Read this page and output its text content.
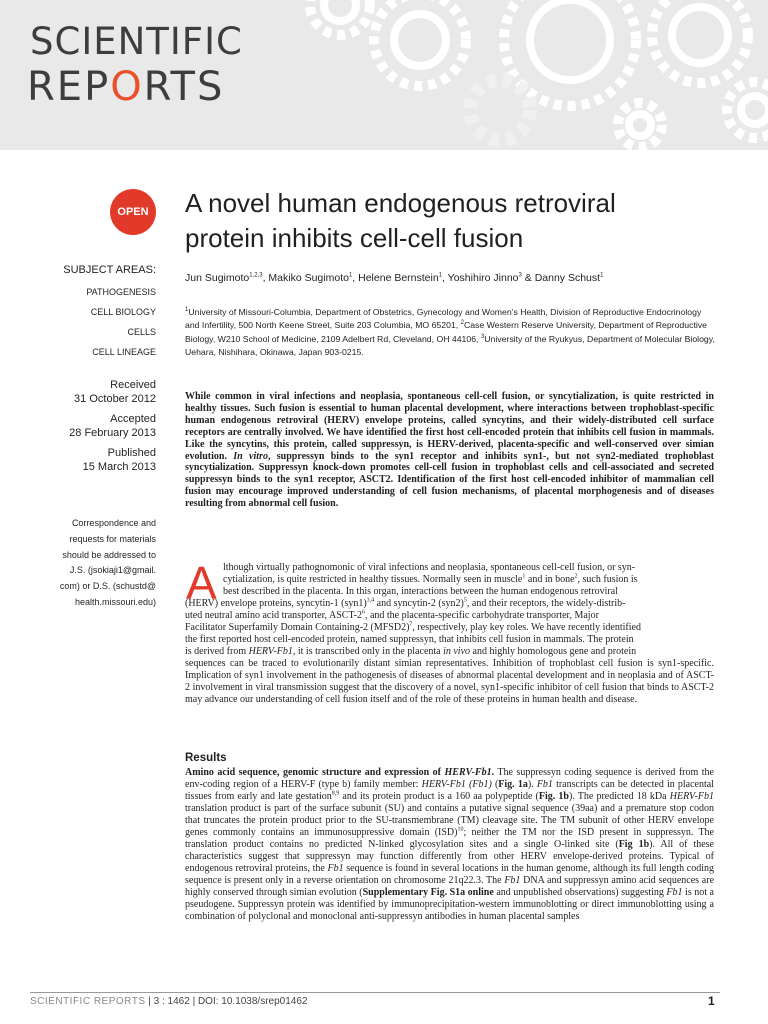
SCIENTIFIC
REPORTS
OPEN
SUBJECT AREAS:
PATHOGENESIS
CELL BIOLOGY
CELLS
CELL LINEAGE
Received
31 October 2012
Accepted
28 February 2013
Published
15 March 2013
Correspondence and
requests for materials
should be addressed to
J.S. (jsokiaji1@gmail.
com) or D.S. (schustd@
health.missouri.edu)
A novel human endogenous retroviral
protein inhibits cell-cell fusion
Jun Sugimoto$^{1,2,3}$, Makiko Sugimoto$^1$, Helene Bernstein$^1$, Yoshihiro Jinno$^3$ & Danny Schust$^1$
$^1$University of Missouri-Columbia, Department of Obstetrics, Gynecology and Women’s Health, Division of Reproductive Endocrinology and Infertility, 500 North Keene Street, Suite 203 Columbia, MO 65201, $^2$Case Western Reserve University, Department of Reproductive Biology, W210 School of Medicine, 2109 Adelbert Rd, Cleveland, OH 44106, $^3$University of the Ryukyus, Department of Molecular Biology, Uehara, Nishihara, Okinawa, Japan 903-0215.
While common in viral infections and neoplasia, spontaneous cell-cell fusion, or syncytialization, is quite restricted in healthy tissues. Such fusion is essential to human placental development, where interactions between trophoblast-specific human endogenous retroviral (HERV) envelope proteins, called syncytins, and their widely-distributed cell surface receptors are centrally involved. We have identified the first host cell-encoded protein that inhibits cell fusion in mammals. Like the syncytins, this protein, called suppressyn, is HERV-derived, placenta-specific and well-conserved over simian evolution. In vitro, suppressyn binds to the syn1 receptor and inhibits syn1-, but not syn2-mediated trophoblast syncytialization. Suppressyn knock-down promotes cell-cell fusion in trophoblast cells and cell-associated and secreted suppressyn binds to the syn1 receptor, ASCT2. Identification of the first host cell-encoded inhibitor of mammalian cell fusion may encourage improved understanding of cell fusion mechanisms, of placental morphogenesis and of diseases resulting from abnormal cell fusion.
A lthough virtually pathognomonic of viral infections and neoplasia, spontaneous cell-cell fusion, or syn-
cytialization, is quite restricted in healthy tissues. Normally seen in muscle$^1$ and in bone$^2$, such fusion is
best described in the placenta. In this organ, interactions between the human endogenous retroviral
(HERV) envelope proteins, syncytin-1 $(syn1)^{3,4}$ and syncytin-2 $(syn2)^5$, and their receptors, the widely-distrib-
uted neutral amino acid transporter, ASCT-$2^6$, and the placenta-specific carbohydrate transporter, Major
Facilitator Superfamily Domain Containing-2 (MFSD2)$^7$, respectively, play key roles. We have recently identified
the first reported host cell-encoded protein, named suppressyn, that inhibits cell fusion in mammals. The protein
is derived from HERV-Fb1, it is transcribed only in the placenta in vivo and highly homologous gene and protein
sequences can be traced to evolutionarily distant simian representatives. Inhibition of trophoblast cell fusion is syn1-specific. Implication of syn1 involvement in the pathogenesis of diseases of abnormal placental development and in neoplasia and of ASCT-2 involvement in viral transmission suggest that the discovery of a novel, syn1-specific inhibitor of cell fusion that binds to ASCT-2 may advance our understanding of cell fusion itself and of the role of these proteins in human health and disease.
Results
Amino acid sequence, genomic structure and expression of HERV-Fb1. The suppressyn coding sequence is derived from the env-coding region of a HERV-F (type b) family member: HERV-Fb1 (Fb1) (Fig. 1a). Fb1 transcripts can be detected in placental tissues from early and late gestation$^{8,9}$ and its protein product is a 160 aa polypeptide (Fig. 1b). The predicted 18 kDa HERV-Fb1 translation product is part of the surface subunit (SU) and contains a putative signal sequence (39aa) and a premature stop codon that truncates the protein product prior to the SU-transmembrane (TM) cleavage site. The TM subunit of other HERV envelope genes commonly contains an immunosuppressive domain (ISD)$^{10}$; neither the TM nor the ISD present in suppressyn. The translation product contains no predicted N-linked glycosylation sites and a single O-linked site (Fig 1b). All of these characteristics suggest that suppressyn may function differently from other HERV envelope-derived proteins. Typical of endogenous retroviral proteins, the Fb1 sequence is found in several locations in the human genome, although its full length coding sequence is present only in a reverse orientation on chromosome 21q22.3. The Fb1 DNA and suppressyn amino acid sequences are highly conserved through simian evolution (Supplementary Fig. S1a online and unpublished observations) suggesting Fb1 is not a pseudogene. Suppressyn protein was identified by immunoprecipitation-western immunoblotting or direct immunoblotting using a combination of polyclonal and monoclonal anti-suppressyn antibodies in human placental samples
SCIENTIFIC REPORTS | 3 : 1462 | DOI: 10.1038/srep01462	1
